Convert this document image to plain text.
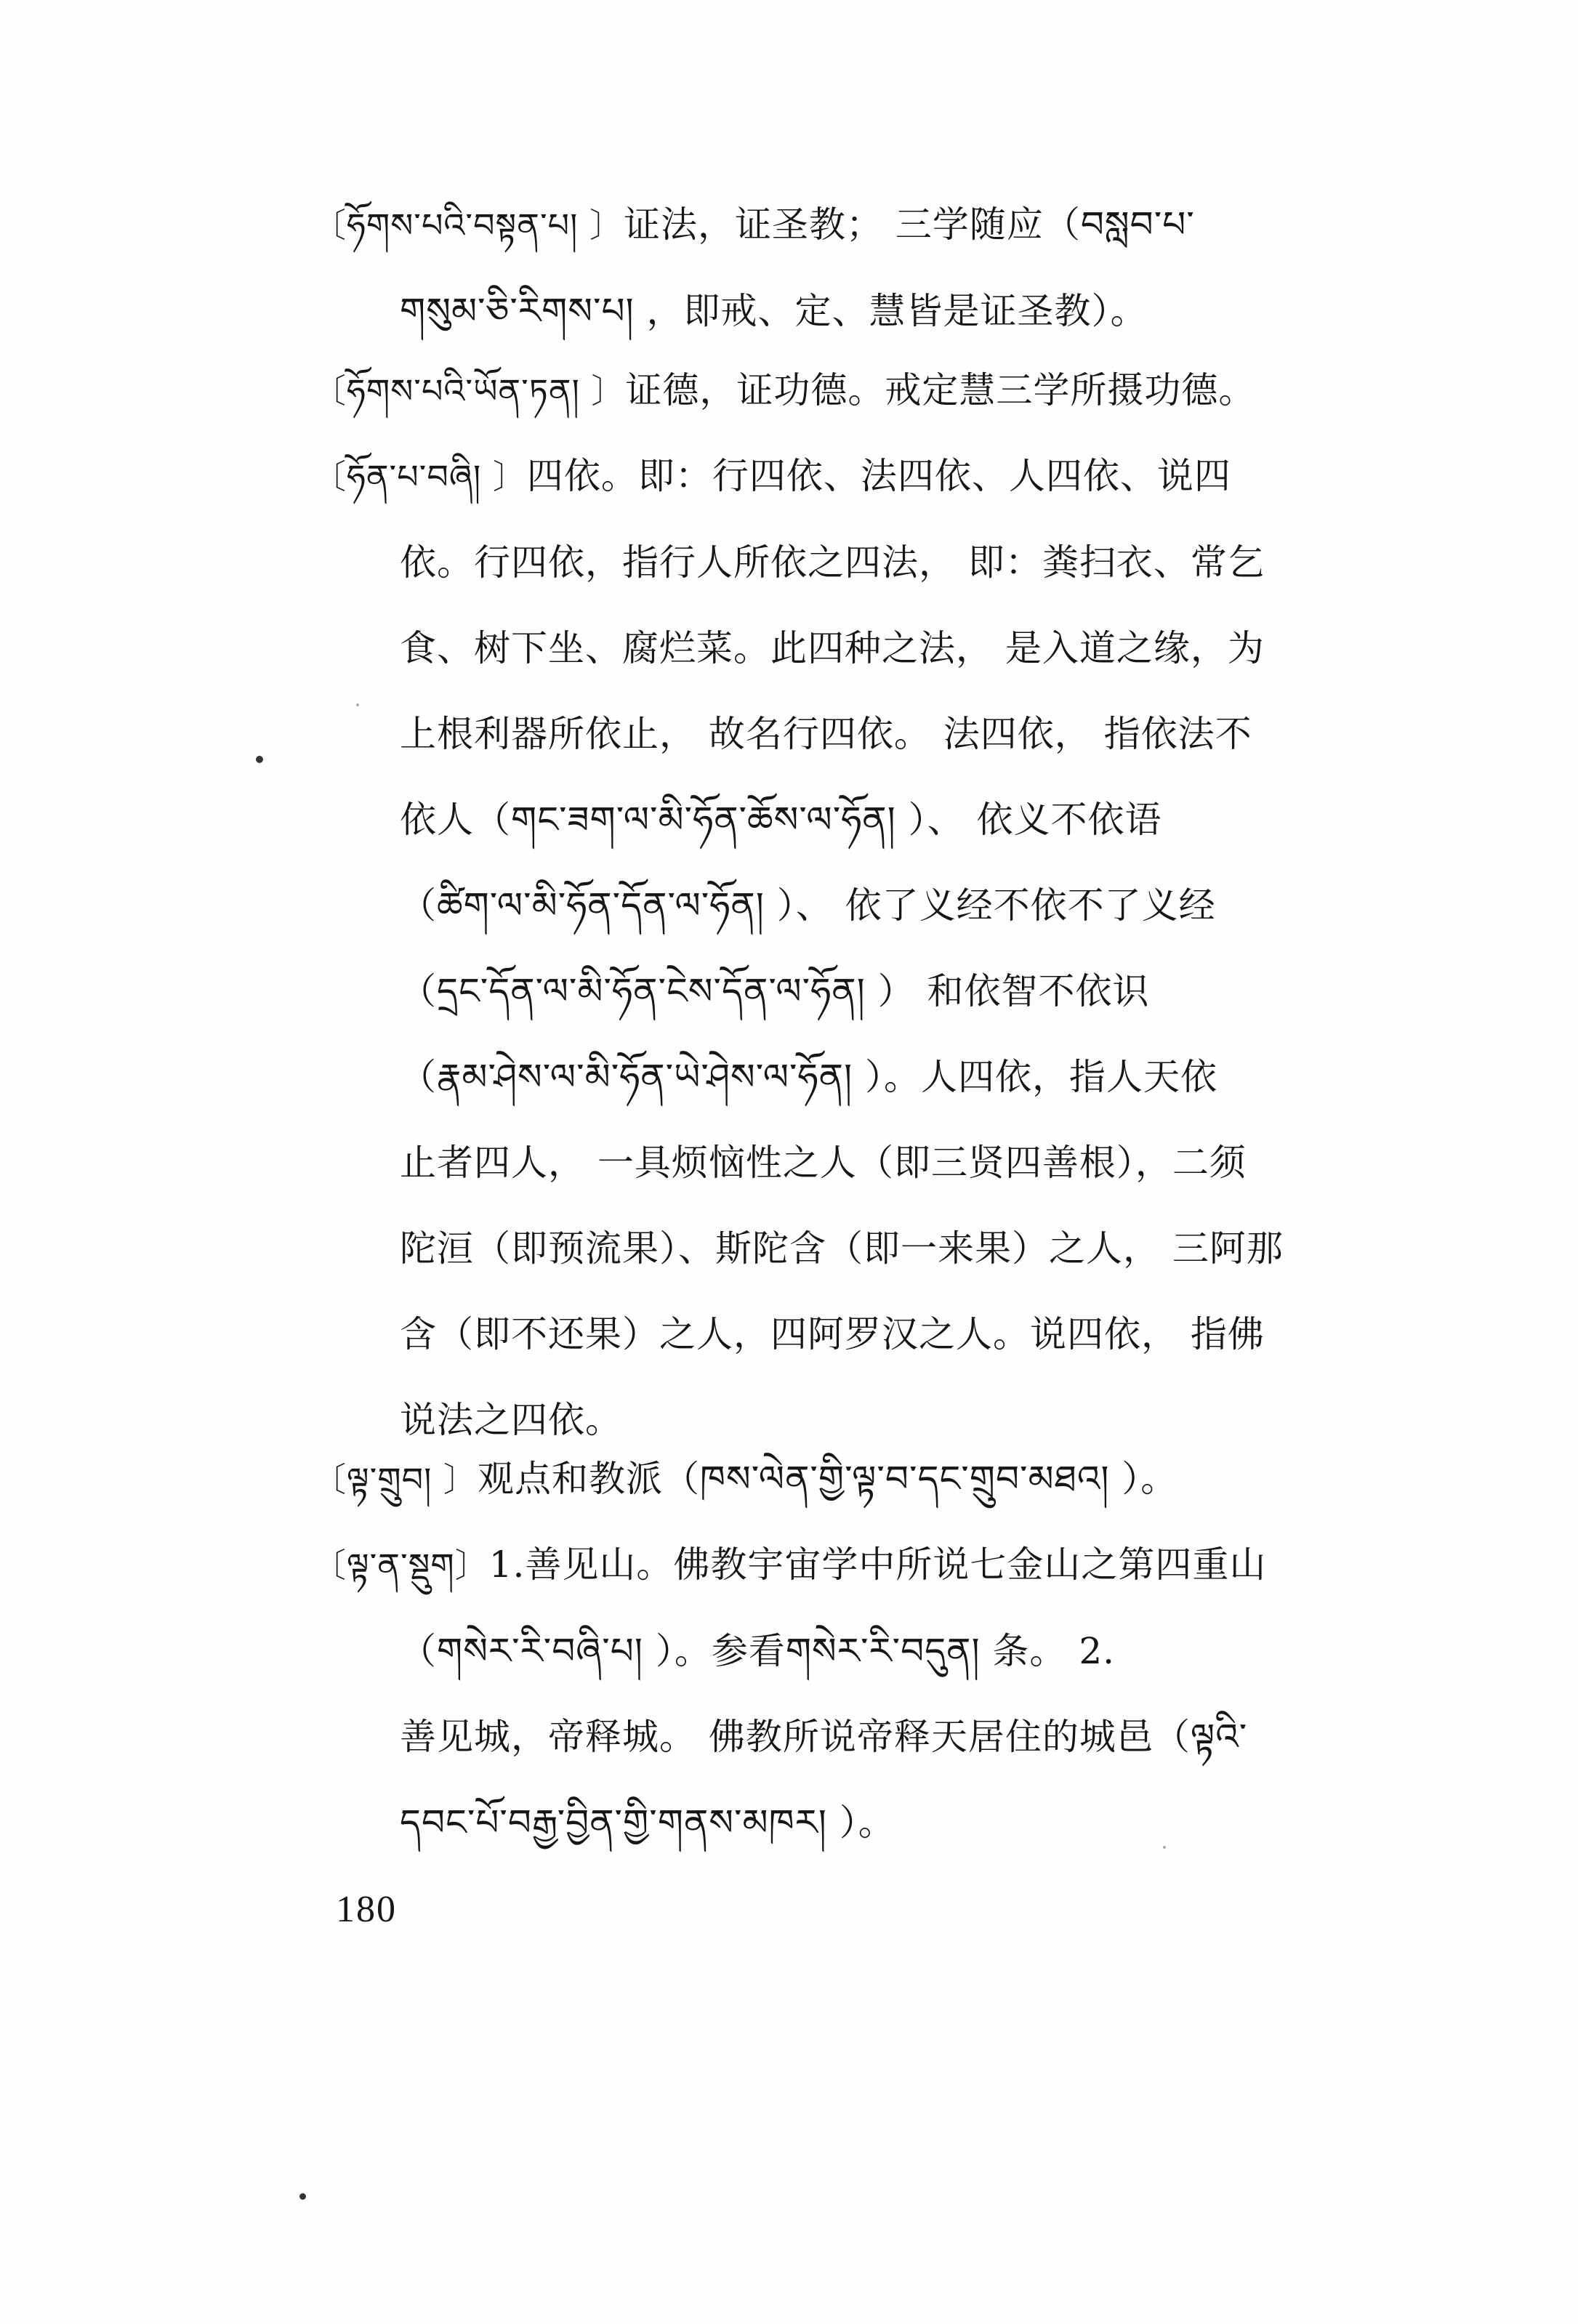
〔ཧོགས་པའི་བསྟན་པ། 〕证法，证圣教； 三学随应（བསླབ་པ་
གསུམ་ཅི་རིགས་པ། ，即戒、定、慧皆是证圣教）。
〔ཧོགས་པའི་ཡོན་ཏན། 〕证德，证功德。戒定慧三学所摄功德。
〔ཧོན་པ་བཞི། 〕四依。即：行四依、法四依、人四依、说四
依。行四依，指行人所依之四法， 即：粪扫衣、常乞
食、树下坐、腐烂菜。此四种之法， 是入道之缘，为
上根利器所依止， 故名行四依。 法四依， 指依法不
依人（གང་ཟག་ལ་མི་ཧོན་ཆོས་ལ་ཧོན། ）、 依义不依语
（ཚིག་ལ་མི་ཧོན་དོན་ལ་ཧོན། ）、 依了义经不依不了义经
（དྲང་དོན་ལ་མི་ཧོན་ངེས་དོན་ལ་ཧོན། ） 和依智不依识
（རྣམ་ཤེས་ལ་མི་ཧོན་ཡེ་ཤེས་ལ་ཧོན། ）。人四依，指人天依
止者四人， 一具烦恼性之人（即三贤四善根），二须
陀洹（即预流果）、斯陀含（即一来果）之人， 三阿那
含（即不还果）之人，四阿罗汉之人。说四依， 指佛
说法之四依。
〔ལྟ་གྲུབ། 〕观点和教派（ཁས་ལེན་གྱི་ལྟ་བ་དང་གྲུབ་མཐའ། ）。
〔ལྟ་ན་སྡུག〕1.善见山。佛教宇宙学中所说七金山之第四重山
（གསེར་རི་བཞི་པ། ）。参看གསེར་རི་བདུན། 条。 2.
善见城，帝释城。 佛教所说帝释天居住的城邑（ལྟའི་
དབང་པོ་བརྒྱ་བྱིན་གྱི་གནས་མཁར། ）。
180
